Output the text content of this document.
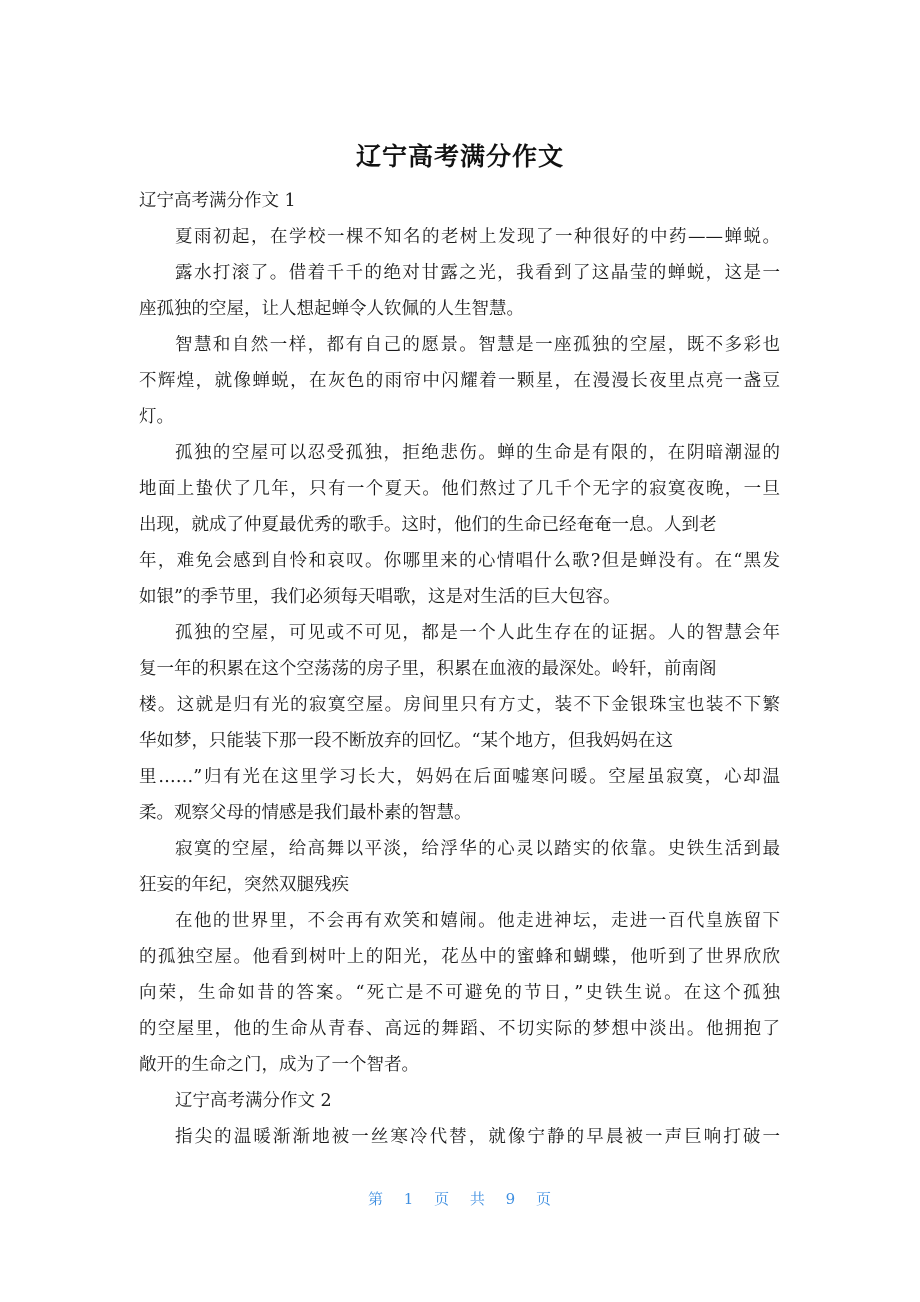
辽宁高考满分作文
辽宁高考满分作文 1
夏雨初起，在学校一棵不知名的老树上发现了一种很好的中药——蝉蜕。
露水打滚了。借着千千的绝对甘露之光，我看到了这晶莹的蝉蜕，这是一
座孤独的空屋，让人想起蝉令人钦佩的人生智慧。
智慧和自然一样，都有自己的愿景。智慧是一座孤独的空屋，既不多彩也
不辉煌，就像蝉蜕，在灰色的雨帘中闪耀着一颗星，在漫漫长夜里点亮一盏豆
灯。
孤独的空屋可以忍受孤独，拒绝悲伤。蝉的生命是有限的，在阴暗潮湿的
地面上蛰伏了几年，只有一个夏天。他们熬过了几千个无字的寂寞夜晚，一旦
出现，就成了仲夏最优秀的歌手。这时，他们的生命已经奄奄一息。人到老
年，难免会感到自怜和哀叹。你哪里来的心情唱什么歌?但是蝉没有。在“黑发
如银”的季节里，我们必须每天唱歌，这是对生活的巨大包容。
孤独的空屋，可见或不可见，都是一个人此生存在的证据。人的智慧会年
复一年的积累在这个空荡荡的房子里，积累在血液的最深处。岭轩，前南阁
楼。这就是归有光的寂寞空屋。房间里只有方丈，装不下金银珠宝也装不下繁
华如梦，只能装下那一段不断放弃的回忆。“某个地方，但我妈妈在这
里……”归有光在这里学习长大，妈妈在后面嘘寒问暖。空屋虽寂寞，心却温
柔。观察父母的情感是我们最朴素的智慧。
寂寞的空屋，给高舞以平淡，给浮华的心灵以踏实的依靠。史铁生活到最
狂妄的年纪，突然双腿残疾
在他的世界里，不会再有欢笑和嬉闹。他走进神坛，走进一百代皇族留下
的孤独空屋。他看到树叶上的阳光，花丛中的蜜蜂和蝴蝶，他听到了世界欣欣
向荣，生命如昔的答案。“死亡是不可避免的节日，”史铁生说。在这个孤独
的空屋里，他的生命从青春、高远的舞蹈、不切实际的梦想中淡出。他拥抱了
敞开的生命之门，成为了一个智者。
辽宁高考满分作文 2
指尖的温暖渐渐地被一丝寒冷代替，就像宁静的早晨被一声巨响打破一
第 1 页 共 9 页
